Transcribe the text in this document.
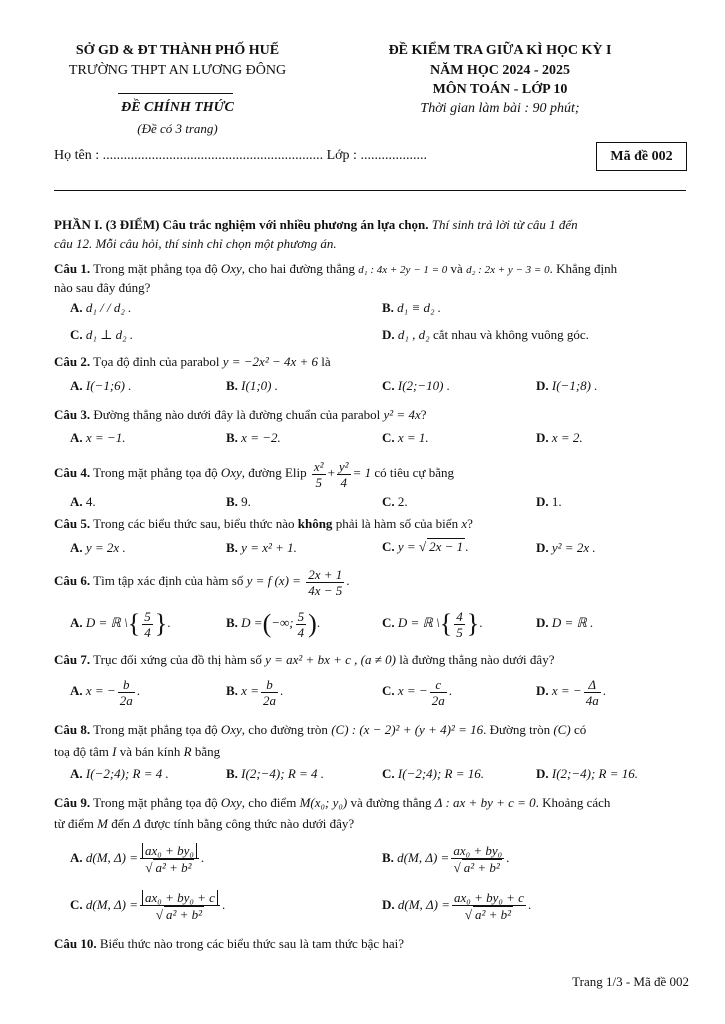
SỞ GD & ĐT THÀNH PHỐ HUẾ
TRƯỜNG THPT AN LƯƠNG ĐÔNG
ĐỀ CHÍNH THỨC
(Đề có 3 trang)
ĐỀ KIỂM TRA GIỮA KÌ HỌC KỲ I
NĂM HỌC 2024 - 2025
MÔN TOÁN - LỚP 10
Thời gian làm bài : 90 phút;
Họ tên : ............................................................... Lớp : ...................	Mã đề 002
PHẦN I. (3 ĐIỂM) Câu trắc nghiệm với nhiều phương án lựa chọn. Thí sinh trả lời từ câu 1 đến
câu 12. Mỗi câu hỏi, thí sinh chỉ chọn một phương án.
Câu 1. Trong mặt phẳng tọa độ Oxy, cho hai đường thẳng d₁ : 4x + 2y − 1 = 0 và d₂ : 2x + y − 3 = 0. Khẳng định
nào sau đây đúng?
A. d₁ / / d₂ .	B. d₁ ≡ d₂ .
C. d₁ ⊥ d₂ .	D. d₁ , d₂ cắt nhau và không vuông góc.
Câu 2. Tọa độ đỉnh của parabol y = −2x² − 4x + 6 là
A. I(−1;6) .	B. I(1;0) .	C. I(2;−10) .	D. I(−1;8) .
Câu 3. Đường thẳng nào dưới đây là đường chuẩn của parabol y² = 4x?
A. x = −1.	B. x = −2.	C. x = 1.	D. x = 2.
Câu 4. Trong mặt phẳng tọa độ Oxy, đường Elip $\frac{\text{x²}}{5} + \frac{\text{y²}}{4} = 1$ có tiêu cự bằng
A. 4.	B. 9.	C. 2.	D. 1.
Câu 5. Trong các biểu thức sau, biểu thức nào không phải là hàm số của biến x?
A. y = 2x .	B. y = x² + 1.	C. y = √ 2x − 1 .	D. y² = 2x .
Câu 6. Tìm tập xác định của hàm số y = f $(x) = \frac{2x + 1}{4x - 5}$ .
A. D = ℝ \{ $\frac{5}{4}$ }.	B. D =(−∞; $\frac{5}{4}$ ).	C. D = ℝ \{ $\frac{4}{5}$ }.	D. D = ℝ .
Câu 7. Trục đối xứng của đồ thị hàm số y = ax² + bx + c , (a ≠ 0) là đường thẳng nào dưới đây?
A. x = − $\frac{b}{2a}$ .	B. $x = \frac{b}{2a}$ .	C. x = − $\frac{c}{2a}$ .	D. x = − $\frac{\Delta}{4a}$ .
Câu 8. Trong mặt phẳng tọa độ Oxy, cho đường tròn (C) : (x − 2)² + (y + 4)² = 16. Đường tròn (C) có
toạ độ tâm I và bán kính R bằng
A. I(−2;4); R = 4 .	B. I(2;−4); R = 4 .	C. I(−2;4); R = 16.	D. I(2;−4); R = 16.
Câu 9. Trong mặt phẳng tọa độ Oxy, cho điểm M(x₀; y₀) và đường thẳng Δ : ax + by + c = 0. Khoảng cách
từ điểm M đến Δ được tính bằng công thức nào dưới đây?
A. d(M, $\Delta) = \frac{\text{ax₀ + by₀}}{\text{√ a² + b²}}$ .	B. d(M, $\Delta) = \frac{\text{ax₀ + by₀}}{\text{√ a² + b²}}$ .
C. d(M, $\Delta) = \frac{\text{ax₀ + by₀ + c}}{\text{√ a² + b²}}$ .	D. d(M, $\Delta) = \frac{\text{ax₀ + by₀ + c}}{\text{√ a² + b²}}$ .
Câu 10. Biểu thức nào trong các biểu thức sau là tam thức bậc hai?
Trang 1/3 - Mã đề 002
